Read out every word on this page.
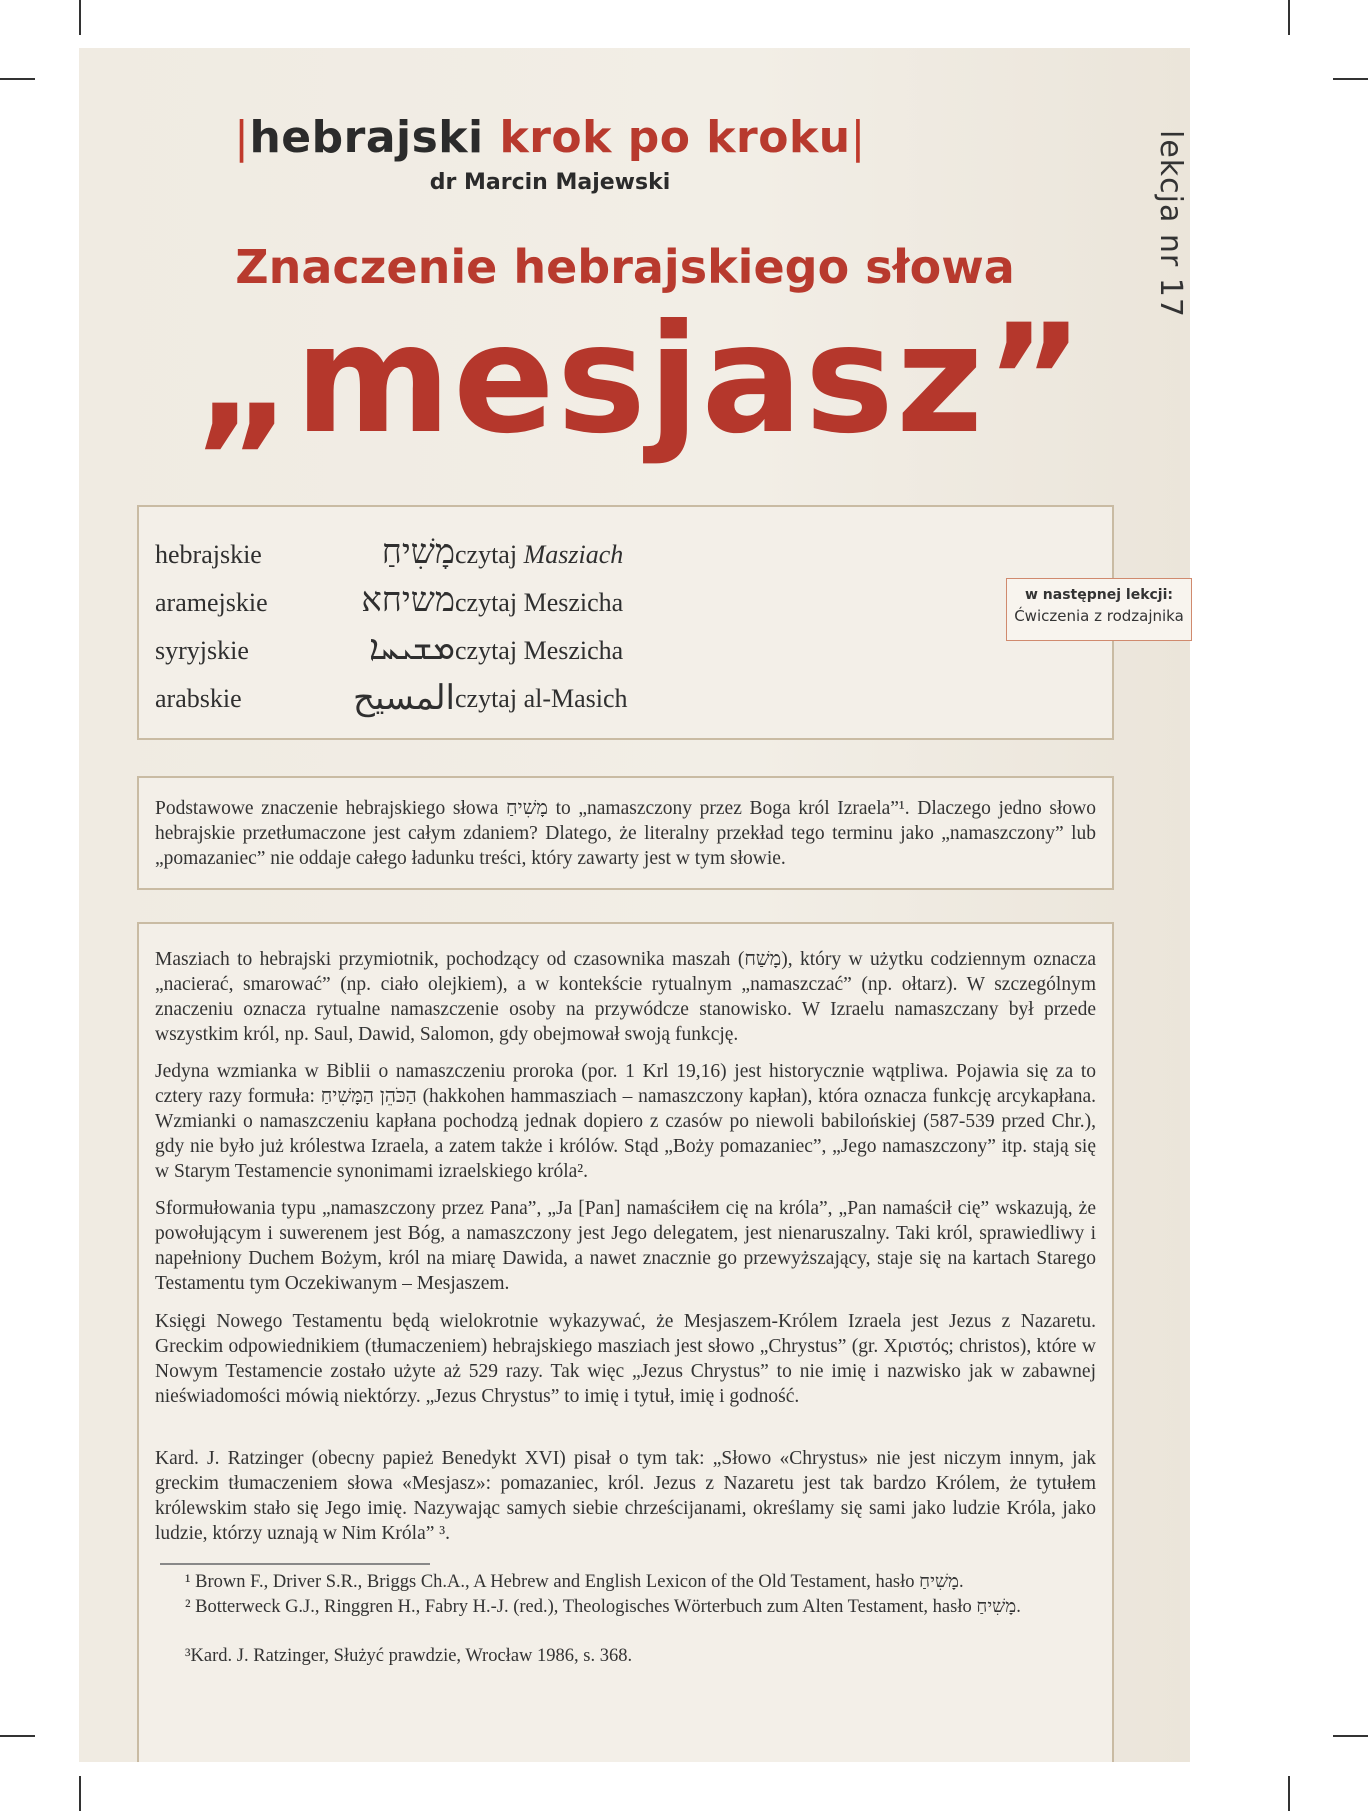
|hebrajski krok po kroku|
dr Marcin Majewski	lekcja nr 17
Znaczenie hebrajskiego słowa
„mesjasz”
hebrajskie	מָשִׁיחַ czytaj Masziach
aramejskie	משיחא czytaj Meszicha
syryjskie	ܡܫܝܚܐ czytaj Meszicha
arabskie	المسيح czytaj al-Masich
w następnej lekcji:
Ćwiczenia z rodzajnika
Podstawowe znaczenie hebrajskiego słowa מָשִׁיחַ to „namaszczony przez Boga król Izraela”¹. Dlaczego jedno słowo hebrajskie przetłumaczone jest całym zdaniem? Dlatego, że literalny przekład tego terminu jako „namaszczony” lub „pomazaniec” nie oddaje całego ładunku treści, który zawarty jest w tym słowie.
Masziach to hebrajski przymiotnik, pochodzący od czasownika maszah (מָשַׁח), który w użytku codziennym oznacza „nacierać, smarować” (np. ciało olejkiem), a w kontekście rytualnym „namaszczać” (np. ołtarz). W szczególnym znaczeniu oznacza rytualne namaszczenie osoby na przywódcze stanowisko. W Izraelu namaszczany był przede wszystkim król, np. Saul, Dawid, Salomon, gdy obejmował swoją funkcję.
Jedyna wzmianka w Biblii o namaszczeniu proroka (por. 1 Krl 19,16) jest historycznie wątpliwa. Pojawia się za to cztery razy formuła: הַכֹּהֵן הַמָּשִׁיחַ (hakkohen hammasziach – namaszczony kapłan), która oznacza funkcję arcykapłana. Wzmianki o namaszczeniu kapłana pochodzą jednak dopiero z czasów po niewoli babilońskiej (587-539 przed Chr.), gdy nie było już królestwa Izraela, a zatem także i królów. Stąd „Boży pomazaniec”, „Jego namaszczony” itp. stają się w Starym Testamencie synonimami izraelskiego króla².
Sformułowania typu „namaszczony przez Pana”, „Ja [Pan] namaściłem cię na króla”, „Pan namaścił cię” wskazują, że powołującym i suwerenem jest Bóg, a namaszczony jest Jego delegatem, jest nienaruszalny. Taki król, sprawiedliwy i napełniony Duchem Bożym, król na miarę Dawida, a nawet znacznie go przewyższający, staje się na kartach Starego Testamentu tym Oczekiwanym – Mesjaszem.
Księgi Nowego Testamentu będą wielokrotnie wykazywać, że Mesjaszem-Królem Izraela jest Jezus z Nazaretu. Greckim odpowiednikiem (tłumaczeniem) hebrajskiego masziach jest słowo „Chrystus” (gr. Χριστός; christos), które w Nowym Testamencie zostało użyte aż 529 razy. Tak więc „Jezus Chrystus” to nie imię i nazwisko jak w zabawnej nieświadomości mówią niektórzy. „Jezus Chrystus” to imię i tytuł, imię i godność.
Kard. J. Ratzinger (obecny papież Benedykt XVI) pisał o tym tak: „Słowo «Chrystus» nie jest niczym innym, jak greckim tłumaczeniem słowa «Mesjasz»: pomazaniec, król. Jezus z Nazaretu jest tak bardzo Królem, że tytułem królewskim stało się Jego imię. Nazywając samych siebie chrześcijanami, określamy się sami jako ludzie Króla, jako ludzie, którzy uznają w Nim Króla” ³.
¹ Brown F., Driver S.R., Briggs Ch.A., A Hebrew and English Lexicon of the Old Testament, hasło מָשִׁיחַ.
² Botterweck G.J., Ringgren H., Fabry H.-J. (red.), Theologisches Wörterbuch zum Alten Testament, hasło מָשִׁיחַ.
³Kard. J. Ratzinger, Służyć prawdzie, Wrocław 1986, s. 368.
